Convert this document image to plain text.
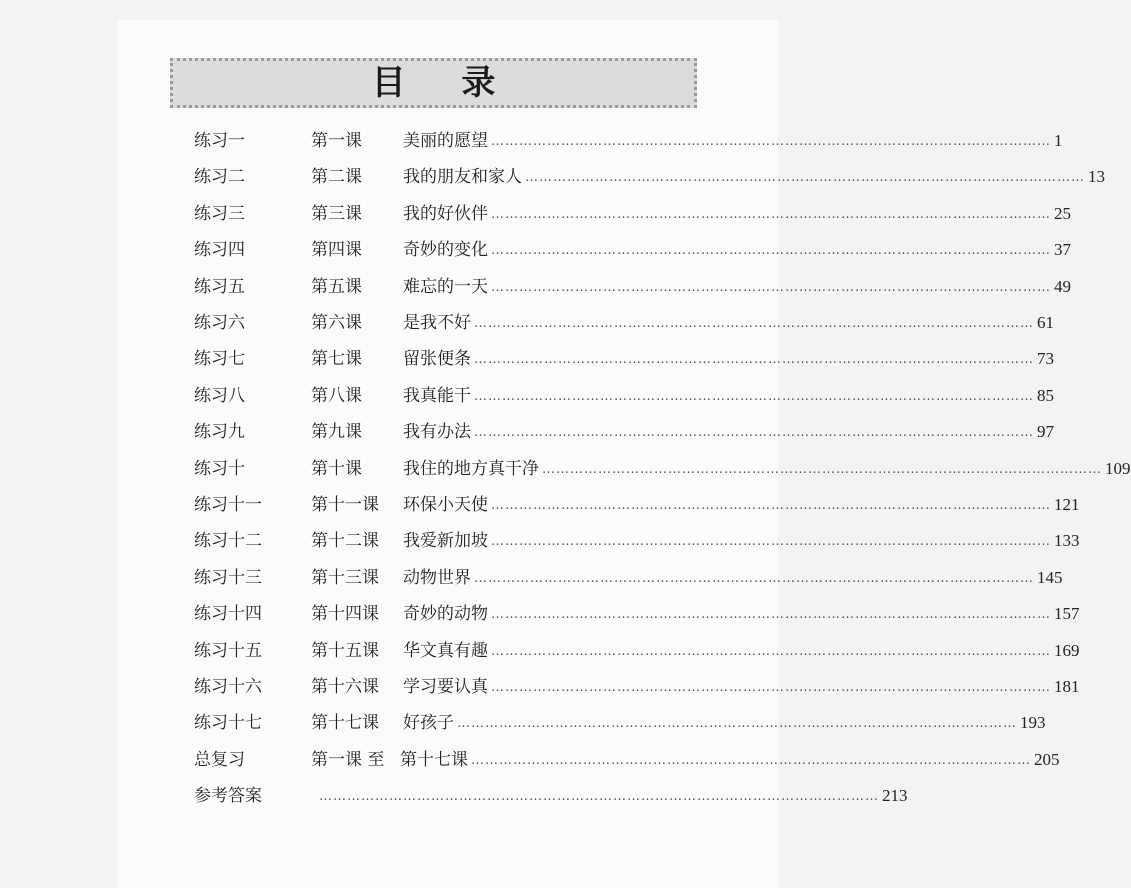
目 录
练习一	第一课 美丽的愿望 ………………………………………………………………………………………………………… 1
练习二	第二课 我的朋友和家人 ………………………………………………………………………………………………………… 13
练习三	第三课 我的好伙伴 ………………………………………………………………………………………………………… 25
练习四	第四课 奇妙的变化 ………………………………………………………………………………………………………… 37
练习五	第五课 难忘的一天 ………………………………………………………………………………………………………… 49
练习六	第六课 是我不好 ………………………………………………………………………………………………………… 61
练习七	第七课 留张便条 ………………………………………………………………………………………………………… 73
练习八	第八课 我真能干 ………………………………………………………………………………………………………… 85
练习九	第九课 我有办法 ………………………………………………………………………………………………………… 97
练习十	第十课 我住的地方真干净 ………………………………………………………………………………………………………… 109
练习十一	第十一课 环保小天使 ………………………………………………………………………………………………………… 121
练习十二	第十二课 我爱新加坡 ………………………………………………………………………………………………………… 133
练习十三	第十三课 动物世界 ………………………………………………………………………………………………………… 145
练习十四	第十四课 奇妙的动物 ………………………………………………………………………………………………………… 157
练习十五	第十五课 华文真有趣 ………………………………………………………………………………………………………… 169
练习十六	第十六课 学习要认真 ………………………………………………………………………………………………………… 181
练习十七	第十七课 好孩子 ………………………………………………………………………………………………………… 193
总复习	第一课 至 第十七课 ………………………………………………………………………………………………………… 205
参考答案	………………………………………………………………………………………………………… 213
